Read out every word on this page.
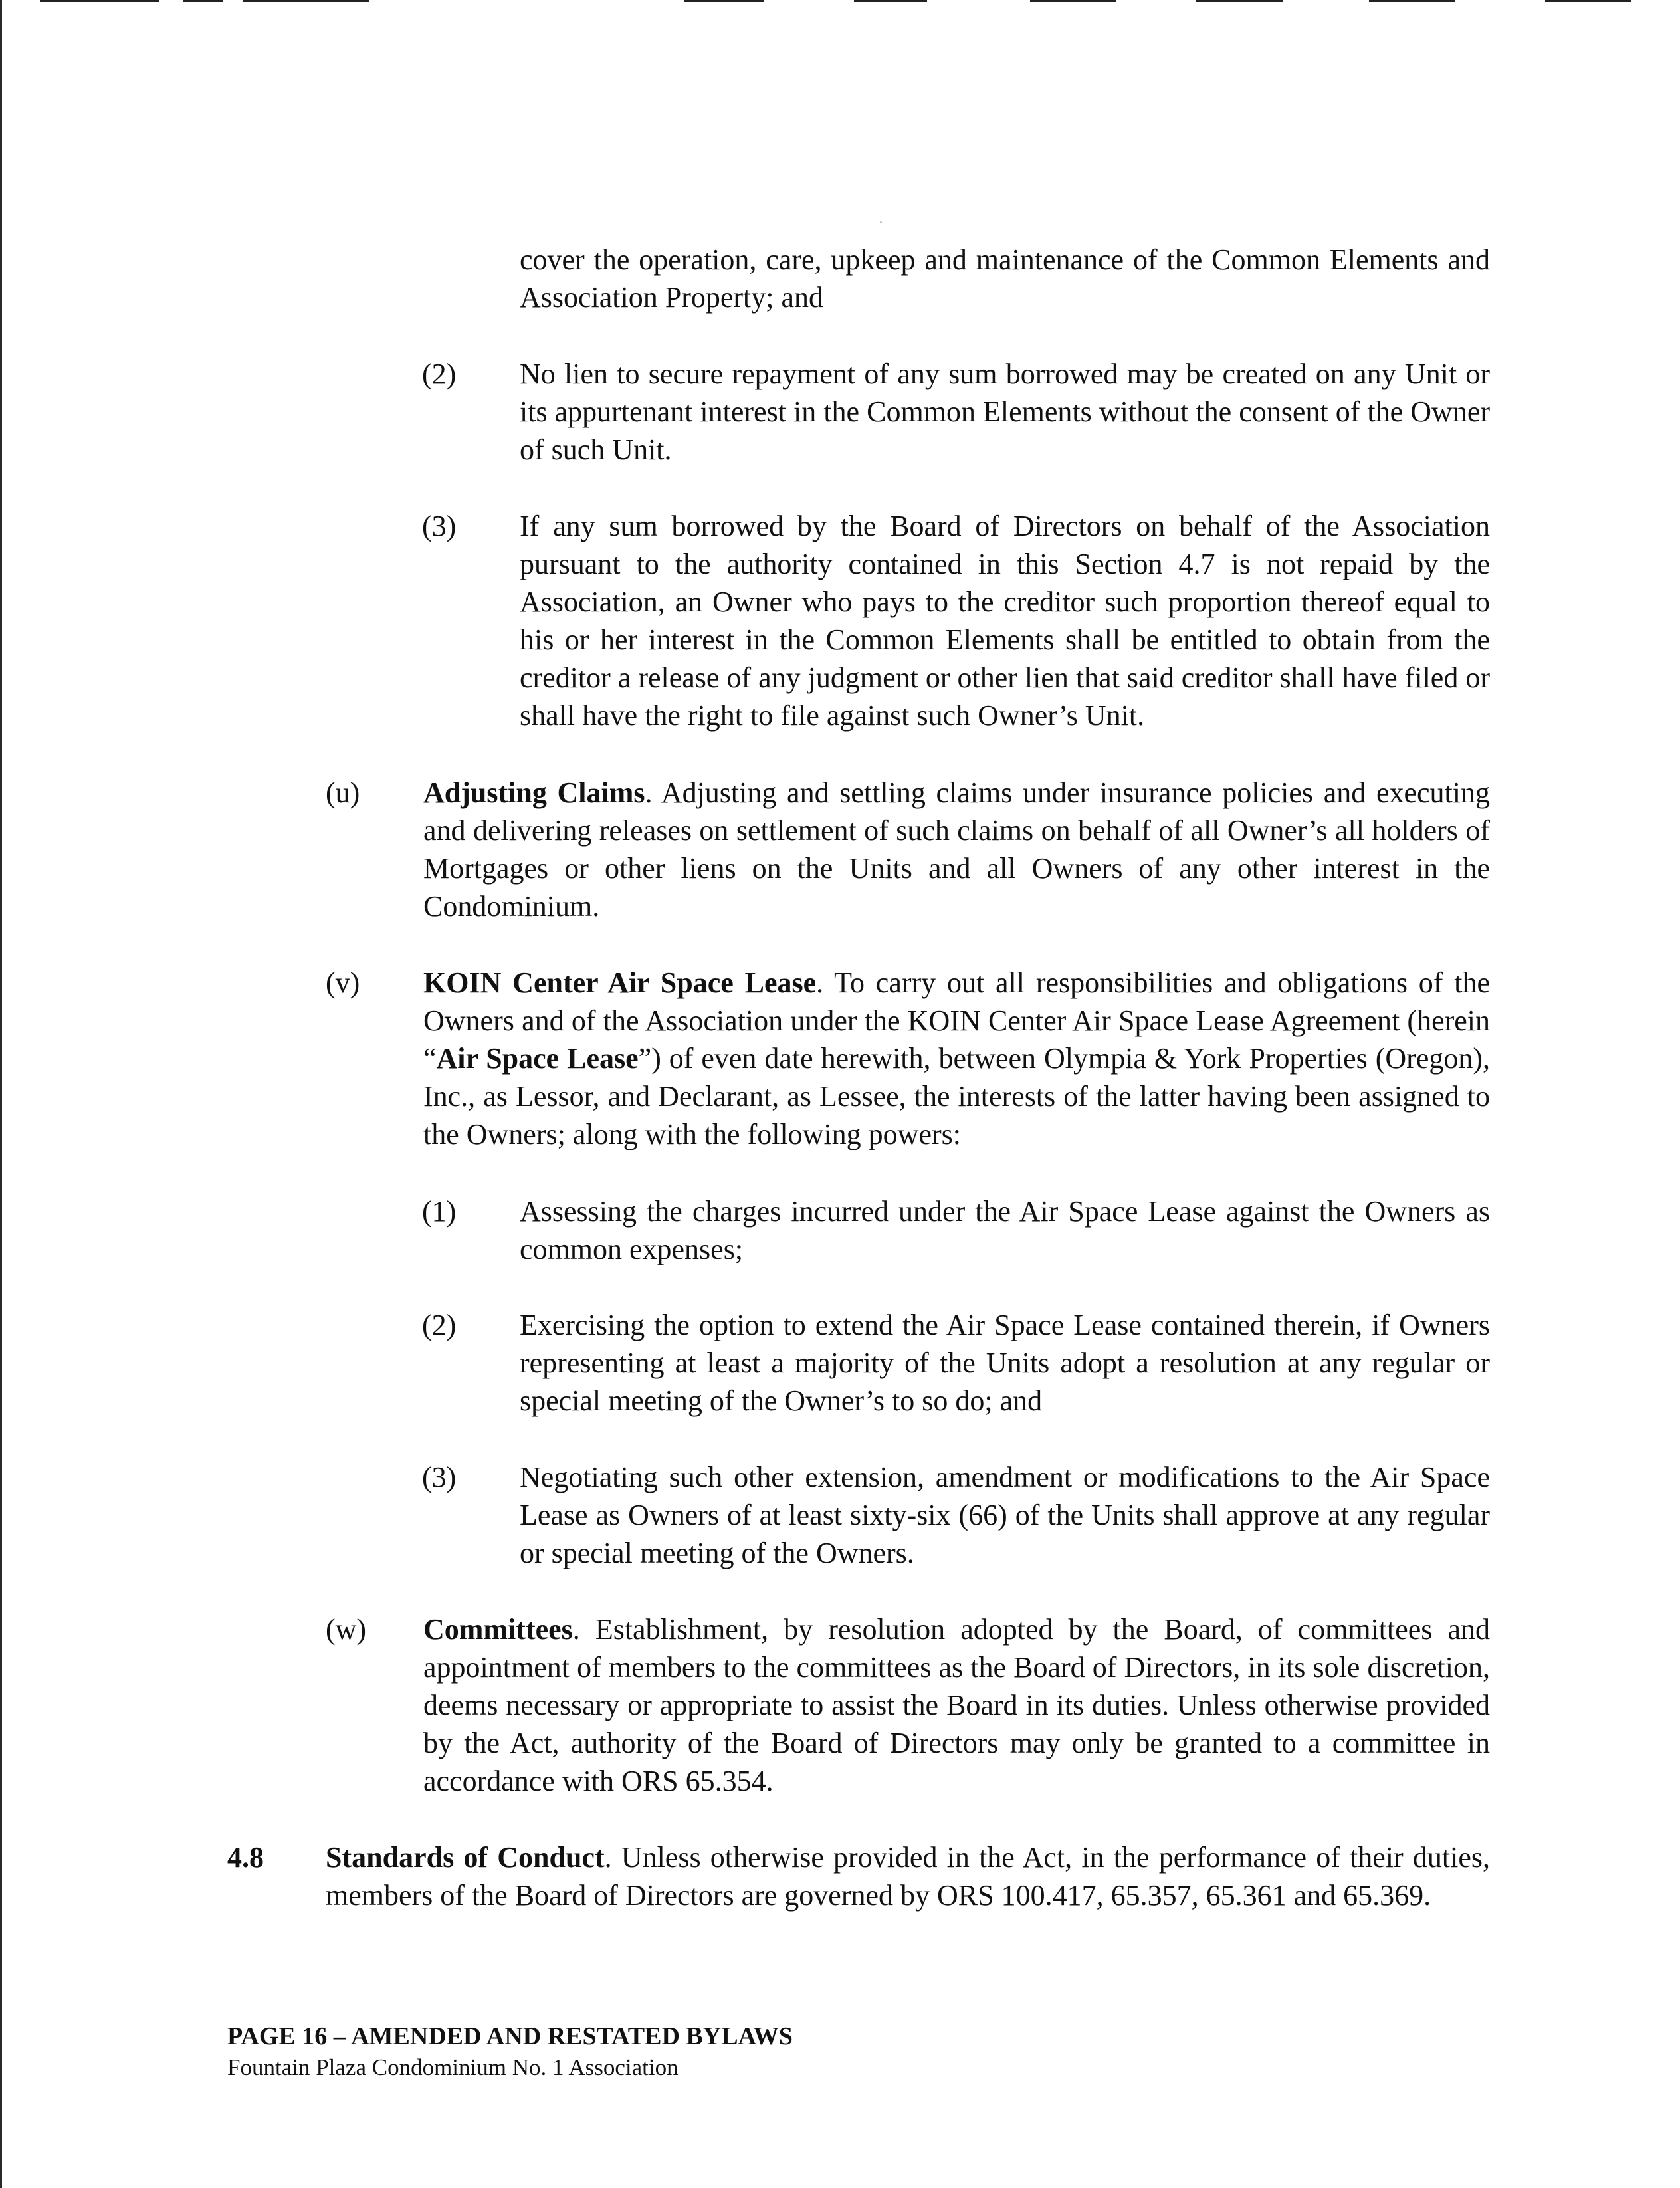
cover the operation, care, upkeep and maintenance of the Common Elements and Association Property; and

(2) No lien to secure repayment of any sum borrowed may be created on any Unit or its appurtenant interest in the Common Elements without the consent of the Owner of such Unit.

(3) If any sum borrowed by the Board of Directors on behalf of the Association pursuant to the authority contained in this Section 4.7 is not repaid by the Association, an Owner who pays to the creditor such proportion thereof equal to his or her interest in the Common Elements shall be entitled to obtain from the creditor a release of any judgment or other lien that said creditor shall have filed or shall have the right to file against such Owner’s Unit.

(u) Adjusting Claims. Adjusting and settling claims under insurance policies and executing and delivering releases on settlement of such claims on behalf of all Owner’s all holders of Mortgages or other liens on the Units and all Owners of any other interest in the Condominium.

(v) KOIN Center Air Space Lease. To carry out all responsibilities and obligations of the Owners and of the Association under the KOIN Center Air Space Lease Agreement (herein “Air Space Lease”) of even date herewith, between Olympia & York Properties (Oregon), Inc., as Lessor, and Declarant, as Lessee, the interests of the latter having been assigned to the Owners; along with the following powers:

(1) Assessing the charges incurred under the Air Space Lease against the Owners as common expenses;

(2) Exercising the option to extend the Air Space Lease contained therein, if Owners representing at least a majority of the Units adopt a resolution at any regular or special meeting of the Owner’s to so do; and

(3) Negotiating such other extension, amendment or modifications to the Air Space Lease as Owners of at least sixty-six (66) of the Units shall approve at any regular or special meeting of the Owners.

(w) Committees. Establishment, by resolution adopted by the Board, of committees and appointment of members to the committees as the Board of Directors, in its sole discretion, deems necessary or appropriate to assist the Board in its duties. Unless otherwise provided by the Act, authority of the Board of Directors may only be granted to a committee in accordance with ORS 65.354.

4.8 Standards of Conduct. Unless otherwise provided in the Act, in the performance of their duties, members of the Board of Directors are governed by ORS 100.417, 65.357, 65.361 and 65.369.

PAGE 16 – AMENDED AND RESTATED BYLAWS
Fountain Plaza Condominium No. 1 Association
